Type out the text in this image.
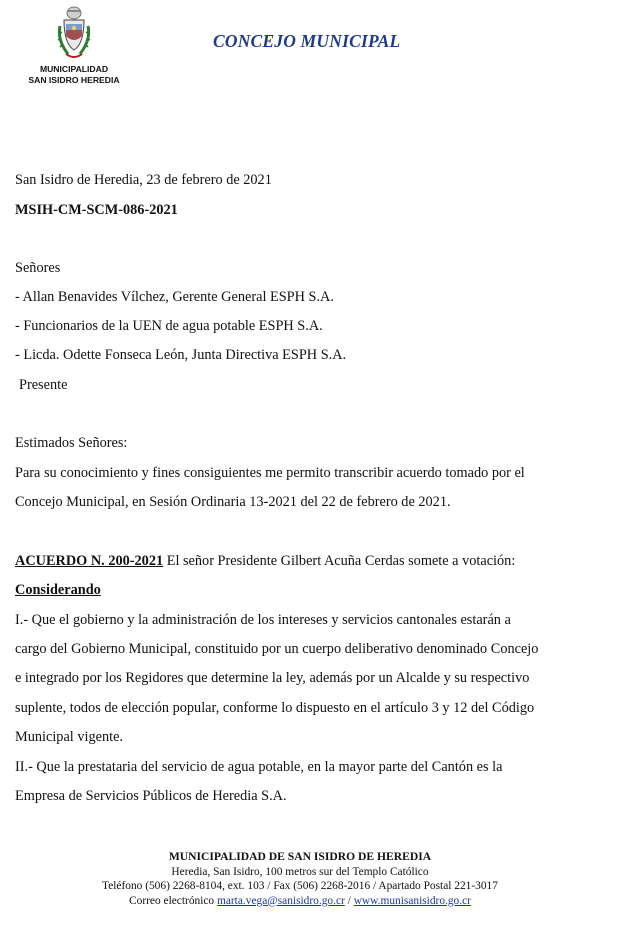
MUNICIPALIDAD
SAN ISIDRO HEREDIA
CONCEJO MUNICIPAL
San Isidro de Heredia, 23 de febrero de 2021
MSIH-CM-SCM-086-2021
Señores
- Allan Benavides Vílchez, Gerente General ESPH S.A.
- Funcionarios de la UEN de agua potable ESPH S.A.
- Licda. Odette Fonseca León, Junta Directiva ESPH S.A.
Presente
Estimados Señores:
Para su conocimiento y fines consiguientes me permito transcribir acuerdo tomado por el
Concejo Municipal, en Sesión Ordinaria 13-2021 del 22 de febrero de 2021.
ACUERDO N. 200-2021 El señor Presidente Gilbert Acuña Cerdas somete a votación:
Considerando
I.- Que el gobierno y la administración de los intereses y servicios cantonales estarán a
cargo del Gobierno Municipal, constituido por un cuerpo deliberativo denominado Concejo
e integrado por los Regidores que determine la ley, además por un Alcalde y su respectivo
suplente, todos de elección popular, conforme lo dispuesto en el artículo 3 y 12 del Código
Municipal vigente.
II.- Que la prestataria del servicio de agua potable, en la mayor parte del Cantón es la
Empresa de Servicios Públicos de Heredia S.A.
MUNICIPALIDAD DE SAN ISIDRO DE HEREDIA
Heredia, San Isidro, 100 metros sur del Templo Católico
Teléfono (506) 2268-8104, ext. 103 / Fax (506) 2268-2016 / Apartado Postal 221-3017
Correo electrónico marta.vega@sanisidro.go.cr / www.munisanisidro.go.cr
